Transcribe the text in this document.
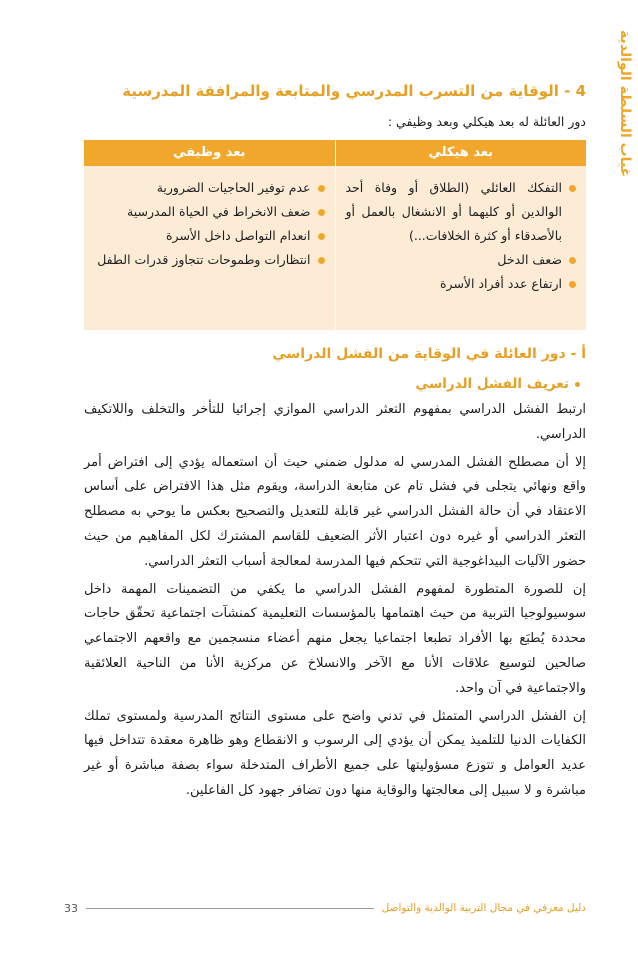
غياب السلطة الوالدية
4 - الوقاية من التسرب المدرسي والمتابعة والمرافقة المدرسية
دور العائلة له بعد هيكلي وبعد وظيفي :
بعد هيكلي
بعد وظيفي
التفكك العائلي (الطلاق أو وفاة أحد الوالدين أو كليهما أو الانشغال بالعمل أو بالأصدقاء أو كثرة الخلافات...)
ضعف الدخل
ارتفاع عدد أفراد الأسرة
عدم توفير الحاجيات الضرورية
ضعف الانخراط في الحياة المدرسية
انعدام التواصل داخل الأسرة
انتظارات وطموحات تتجاوز قدرات الطفل
أ - دور العائلة في الوقاية من الفشل الدراسي
تعريف الفشل الدراسي

ارتبط الفشل الدراسي بمفهوم التعثر الدراسي الموازي إجرائيا للتأخر والتخلف واللاتكيف الدراسي.

إلا أن مصطلح الفشل المدرسي له مدلول ضمني حيث أن استعماله يؤدي إلى افتراض أمر واقع ونهائي يتجلى في فشل تام عن متابعة الدراسة، ويقوم مثل هذا الافتراض على أساس الاعتقاد في أن حالة الفشل الدراسي غير قابلة للتعديل والتصحيح بعكس ما يوحي به مصطلح التعثر الدراسي أو غيره دون اعتبار الأثر الضعيف للقاسم المشترك لكل المفاهيم من حيث حضور الآليات البيداغوجية التي تتحكم فيها المدرسة لمعالجة أسباب التعثر الدراسي.

إن للصورة المتطورة لمفهوم الفشل الدراسي ما يكفي من التضمينات المهمة داخل سوسيولوجيا التربية من حيث اهتمامها بالمؤسسات التعليمية كمنشآت اجتماعية تحقّق حاجات محددة يُطبَع بها الأفراد تطبعا اجتماعيا يجعل منهم أعضاء منسجمين مع واقعهم الاجتماعي صالحين لتوسيع علاقات الأنا مع الآخر والانسلاخ عن مركزية الأنا من الناحية العلائقية والاجتماعية في آن واحد.

إن الفشل الدراسي المتمثل في تدني واضح على مستوى النتائج المدرسية ولمستوى تملك الكفايات الدنيا للتلميذ يمكن أن يؤدي إلى الرسوب و الانقطاع وهو ظاهرة معقدة تتداخل فيها عديد العوامل و تتوزع مسؤوليتها على جميع الأطراف المتدخلة سواء بصفة مباشرة أو غير مباشرة و لا سبيل إلى معالجتها والوقاية منها دون تضافر جهود كل الفاعلين.

دليل معرفي في مجال التربية الوالدية والتواصل
33
